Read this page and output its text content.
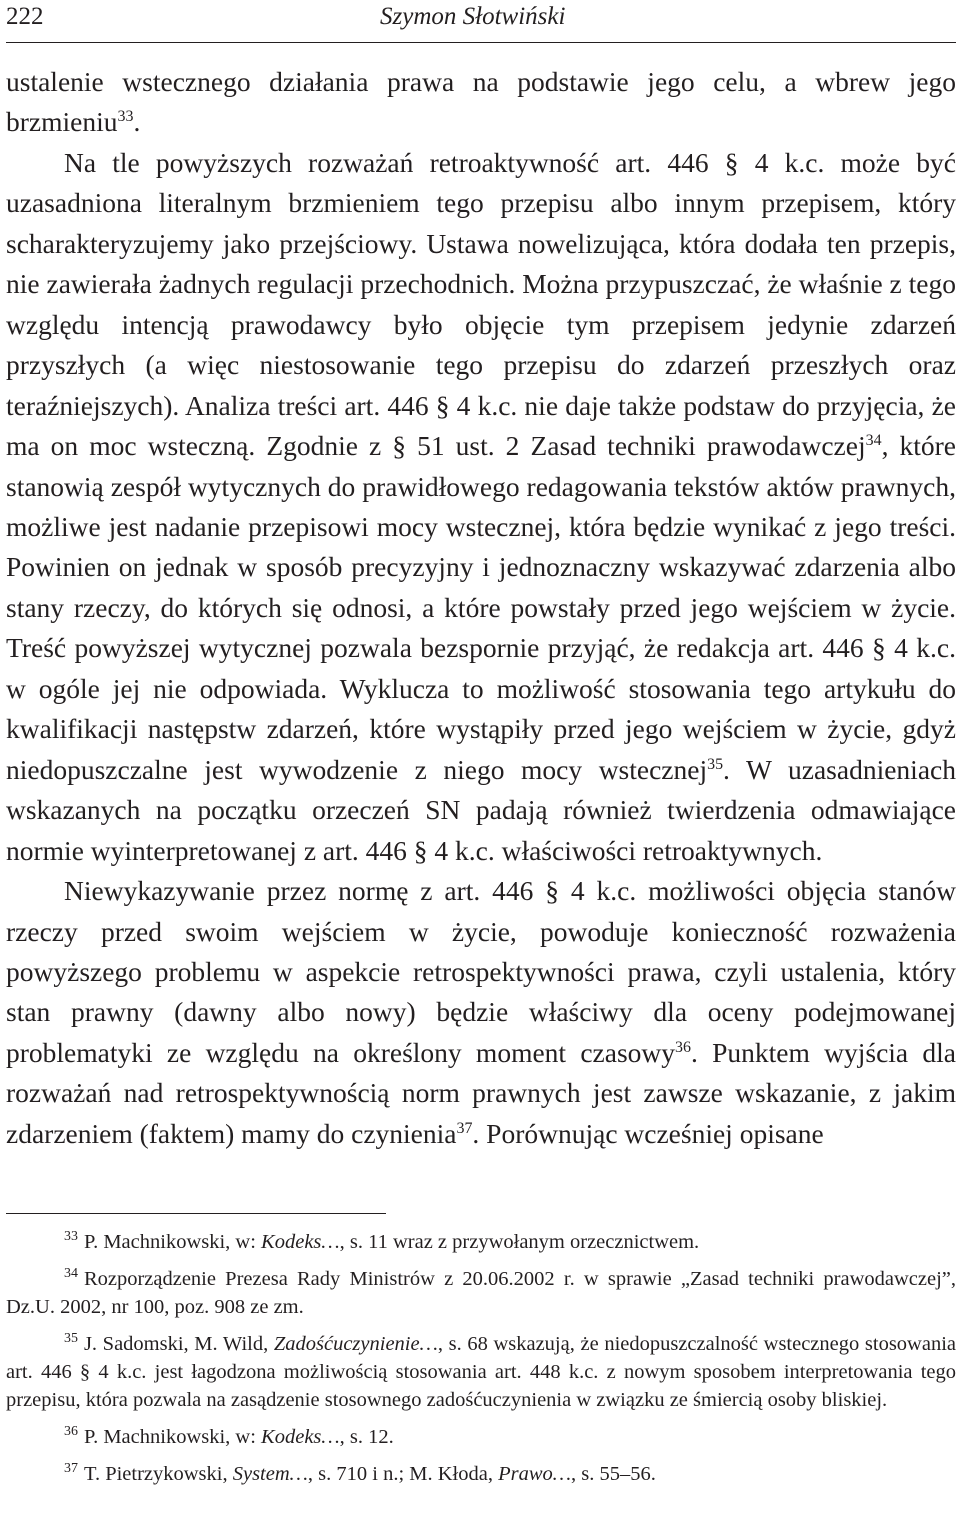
222	Szymon Słotwiński

ustalenie wstecznego działania prawa na podstawie jego celu, a wbrew jego brzmieniu$^{33}$.

Na tle powyższych rozważań retroaktywność art. 446 § 4 k.c. może być uzasadniona literalnym brzmieniem tego przepisu albo innym przepisem, który scharakteryzujemy jako przejściowy. Ustawa nowelizująca, która dodała ten przepis, nie zawierała żadnych regulacji przechodnich. Można przypuszczać, że właśnie z tego względu intencją prawodawcy było objęcie tym przepisem jedynie zdarzeń przyszłych (a więc niestosowanie tego przepisu do zdarzeń przeszłych oraz teraźniejszych). Analiza treści art. 446 § 4 k.c. nie daje także podstaw do przyjęcia, że ma on moc wsteczną. Zgodnie z § 51 ust. 2 Zasad techniki prawodawczej$^{34}$, które stanowią zespół wytycznych do prawidłowego redagowania tekstów aktów prawnych, możliwe jest nadanie przepisowi mocy wstecznej, która będzie wynikać z jego treści. Powinien on jednak w sposób precyzyjny i jednoznaczny wskazywać zdarzenia albo stany rzeczy, do których się odnosi, a które powstały przed jego wejściem w życie. Treść powyższej wytycznej pozwala bezspornie przyjąć, że redakcja art. 446 § 4 k.c. w ogóle jej nie odpowiada. Wyklucza to możliwość stosowania tego artykułu do kwalifikacji następstw zdarzeń, które wystąpiły przed jego wejściem w życie, gdyż niedopuszczalne jest wywodzenie z niego mocy wstecznej$^{35}$. W uzasadnieniach wskazanych na początku orzeczeń SN padają również twierdzenia odmawiające normie wyinterpretowanej z art. 446 § 4 k.c. właściwości retroaktywnych.

Niewykazywanie przez normę z art. 446 § 4 k.c. możliwości objęcia stanów rzeczy przed swoim wejściem w życie, powoduje konieczność rozważenia powyższego problemu w aspekcie retrospektywności prawa, czyli ustalenia, który stan prawny (dawny albo nowy) będzie właściwy dla oceny podejmowanej problematyki ze względu na określony moment czasowy$^{36}$. Punktem wyjścia dla rozważań nad retrospektywnością norm prawnych jest zawsze wskazanie, z jakim zdarzeniem (faktem) mamy do czynienia$^{37}$. Porównując wcześniej opisane

$^{33}$ P. Machnikowski, w: Kodeks…, s. 11 wraz z przywołanym orzecznictwem.

$^{34}$ Rozporządzenie Prezesa Rady Ministrów z 20.06.2002 r. w sprawie „Zasad techniki prawodawczej”, Dz.U. 2002, nr 100, poz. 908 ze zm.

$^{35}$ J. Sadomski, M. Wild, Zadośćuczynienie…, s. 68 wskazują, że niedopuszczalność wstecznego stosowania art. 446 § 4 k.c. jest łagodzona możliwością stosowania art. 448 k.c. z nowym sposobem interpretowania tego przepisu, która pozwala na zasądzenie stosownego zadośćuczynienia w związku ze śmiercią osoby bliskiej.

$^{36}$ P. Machnikowski, w: Kodeks…, s. 12.

$^{37}$ T. Pietrzykowski, System…, s. 710 i n.; M. Kłoda, Prawo…, s. 55–56.
